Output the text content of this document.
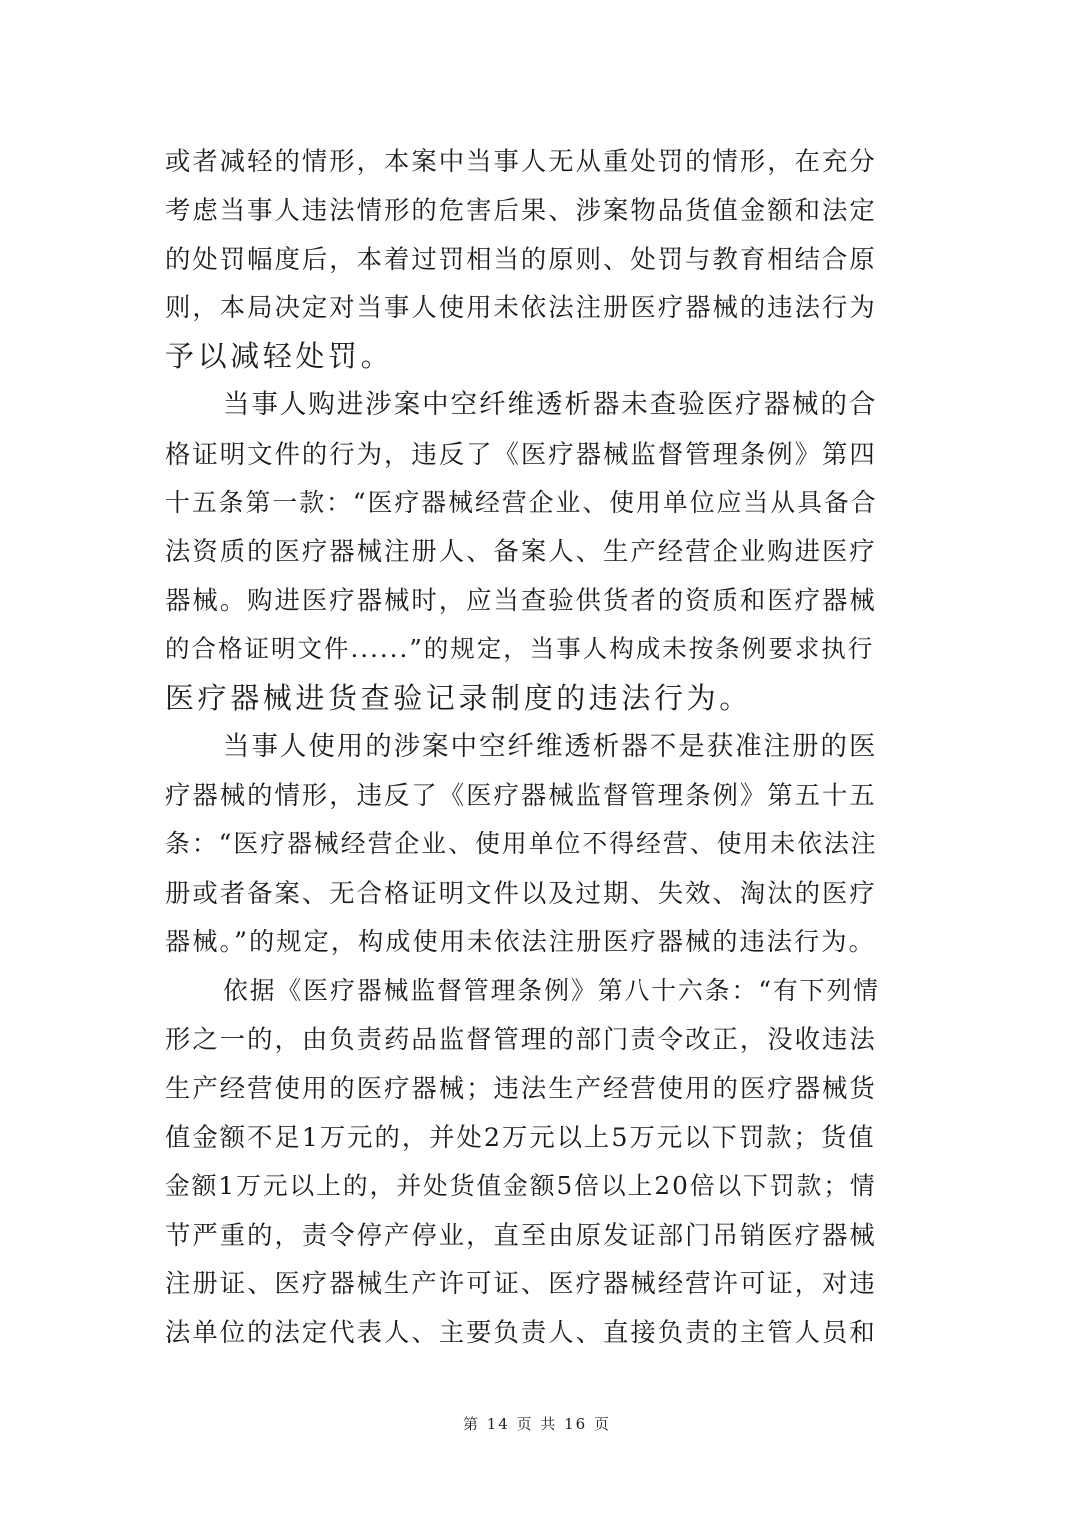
或者减轻的情形，本案中当事人无从重处罚的情形，在充分
考虑当事人违法情形的危害后果、涉案物品货值金额和法定
的处罚幅度后，本着过罚相当的原则、处罚与教育相结合原
则，本局决定对当事人使用未依法注册医疗器械的违法行为
予以减轻处罚。
当事人购进涉案中空纤维透析器未查验医疗器械的合
格证明文件的行为，违反了《医疗器械监督管理条例》第四
十五条第一款：“医疗器械经营企业、使用单位应当从具备合
法资质的医疗器械注册人、备案人、生产经营企业购进医疗
器械。购进医疗器械时，应当查验供货者的资质和医疗器械
的合格证明文件......”的规定，当事人构成未按条例要求执行
医疗器械进货查验记录制度的违法行为。
当事人使用的涉案中空纤维透析器不是获准注册的医
疗器械的情形，违反了《医疗器械监督管理条例》第五十五
条：“医疗器械经营企业、使用单位不得经营、使用未依法注
册或者备案、无合格证明文件以及过期、失效、淘汰的医疗
器械。”的规定，构成使用未依法注册医疗器械的违法行为。
依据《医疗器械监督管理条例》第八十六条：“有下列情
形之一的，由负责药品监督管理的部门责令改正，没收违法
生产经营使用的医疗器械；违法生产经营使用的医疗器械货
值金额不足1万元的，并处2万元以上5万元以下罚款；货值
金额1万元以上的，并处货值金额5倍以上20倍以下罚款；情
节严重的，责令停产停业，直至由原发证部门吊销医疗器械
注册证、医疗器械生产许可证、医疗器械经营许可证，对违
法单位的法定代表人、主要负责人、直接负责的主管人员和
第 14 页 共 16 页
